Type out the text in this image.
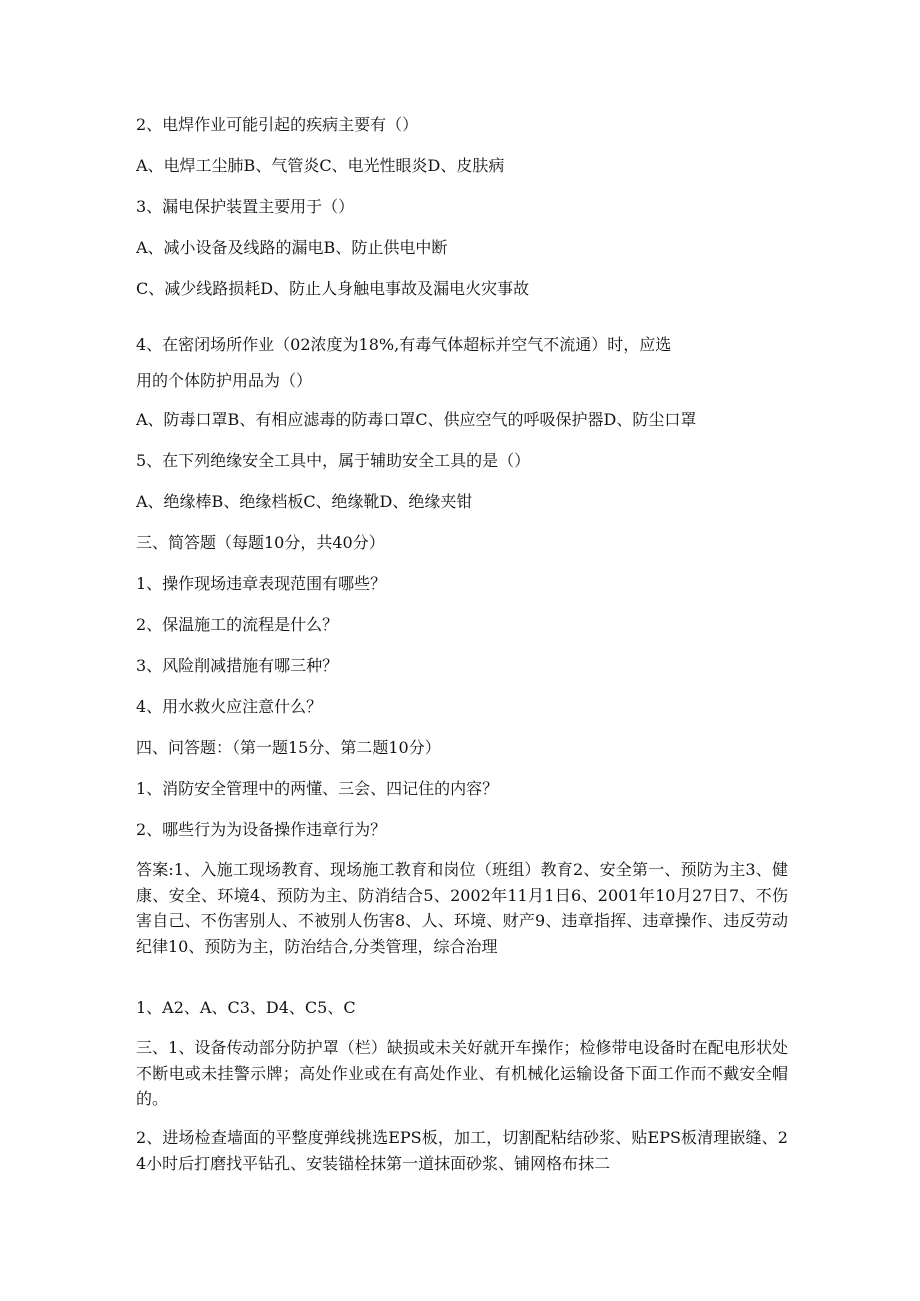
2、电焊作业可能引起的疾病主要有（）
A、电焊工尘肺B、气管炎C、电光性眼炎D、皮肤病
3、漏电保护装置主要用于（）
A、减小设备及线路的漏电B、防止供电中断
C、减少线路损耗D、防止人身触电事故及漏电火灾事故
4、在密闭场所作业（02浓度为18%,有毒气体超标并空气不流通）时，应选
用的个体防护用品为（）
A、防毒口罩B、有相应滤毒的防毒口罩C、供应空气的呼吸保护器D、防尘口罩
5、在下列绝缘安全工具中，属于辅助安全工具的是（）
A、绝缘棒B、绝缘档板C、绝缘靴D、绝缘夹钳
三、简答题（每题10分，共40分）
1、操作现场违章表现范围有哪些？
2、保温施工的流程是什么？
3、风险削减措施有哪三种？
4、用水救火应注意什么？
四、问答题：（第一题15分、第二题10分）
1、消防安全管理中的两懂、三会、四记住的内容？
2、哪些行为为设备操作违章行为？
答案:1、入施工现场教育、现场施工教育和岗位（班组）教育2、安全第一、预防为主3、健康、安全、环境4、预防为主、防消结合5、2002年11月1日6、2001年10月27日7、不伤害自己、不伤害别人、不被别人伤害8、人、环境、财产9、违章指挥、违章操作、违反劳动纪律10、预防为主，防治结合,分类管理，综合治理
1、A2、A、C3、D4、C5、C
三、1、设备传动部分防护罩（栏）缺损或未关好就开车操作；检修带电设备时在配电形状处不断电或未挂警示牌；高处作业或在有高处作业、有机械化运输设备下面工作而不戴安全帽的。
2、进场检查墙面的平整度弹线挑选EPS板，加工，切割配粘结砂浆、贴EPS板清理嵌缝、24小时后打磨找平钻孔、安装锚栓抹第一道抹面砂浆、铺网格布抹二
